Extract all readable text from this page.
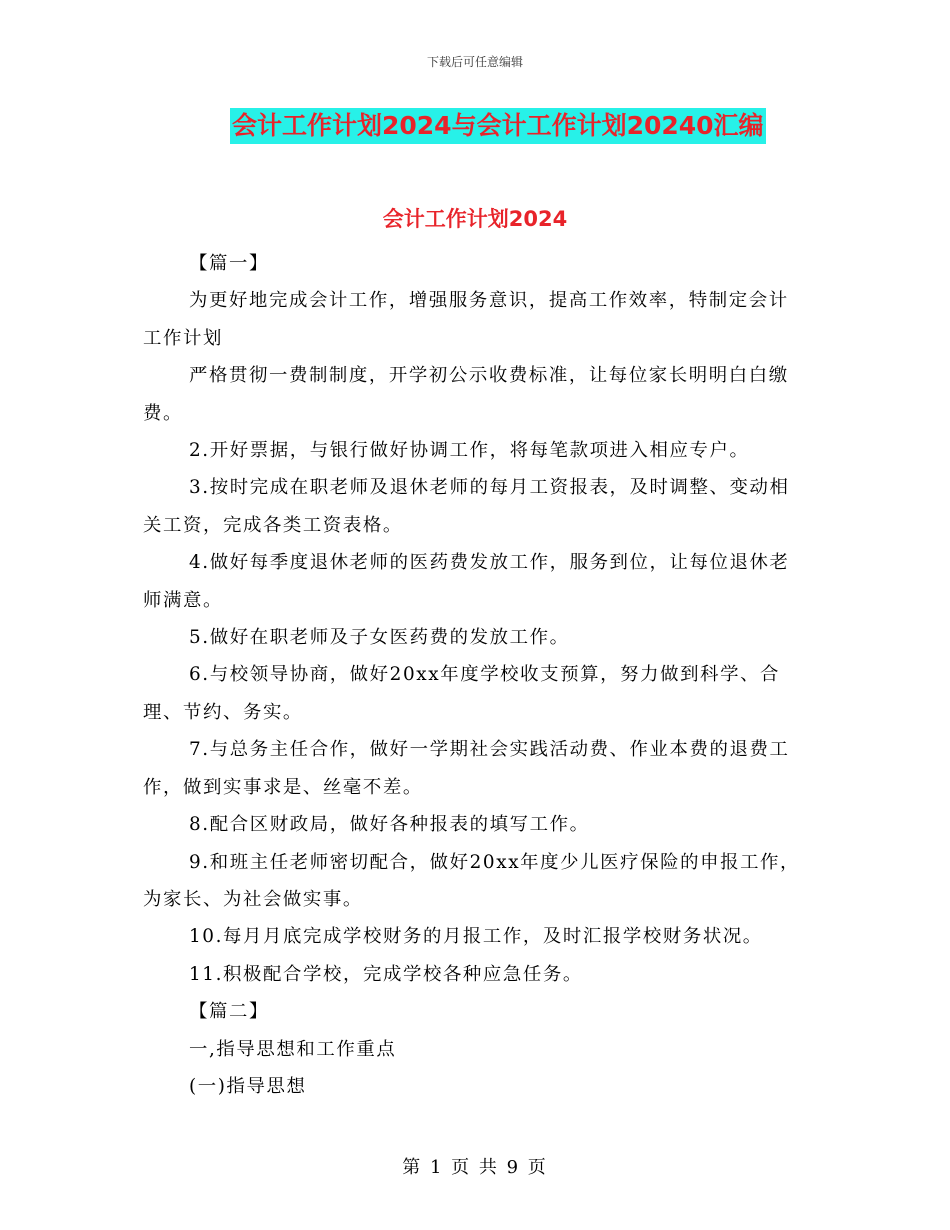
下载后可任意编辑
会计工作计划2024与会计工作计划20240汇编
会计工作计划2024

【篇一】

为更好地完成会计工作，增强服务意识，提高工作效率，特制定会计工作计划

严格贯彻一费制制度，开学初公示收费标准，让每位家长明明白白缴费。

2.开好票据，与银行做好协调工作，将每笔款项进入相应专户。

3.按时完成在职老师及退休老师的每月工资报表，及时调整、变动相关工资，完成各类工资表格。

4.做好每季度退休老师的医药费发放工作，服务到位，让每位退休老师满意。

5.做好在职老师及子女医药费的发放工作。

6.与校领导协商，做好20xx年度学校收支预算，努力做到科学、合理、节约、务实。

7.与总务主任合作，做好一学期社会实践活动费、作业本费的退费工作，做到实事求是、丝毫不差。

8.配合区财政局，做好各种报表的填写工作。

9.和班主任老师密切配合，做好20xx年度少儿医疗保险的申报工作，为家长、为社会做实事。

10.每月月底完成学校财务的月报工作，及时汇报学校财务状况。

11.积极配合学校，完成学校各种应急任务。

【篇二】

一,指导思想和工作重点

(一)指导思想

第 1 页 共 9 页
